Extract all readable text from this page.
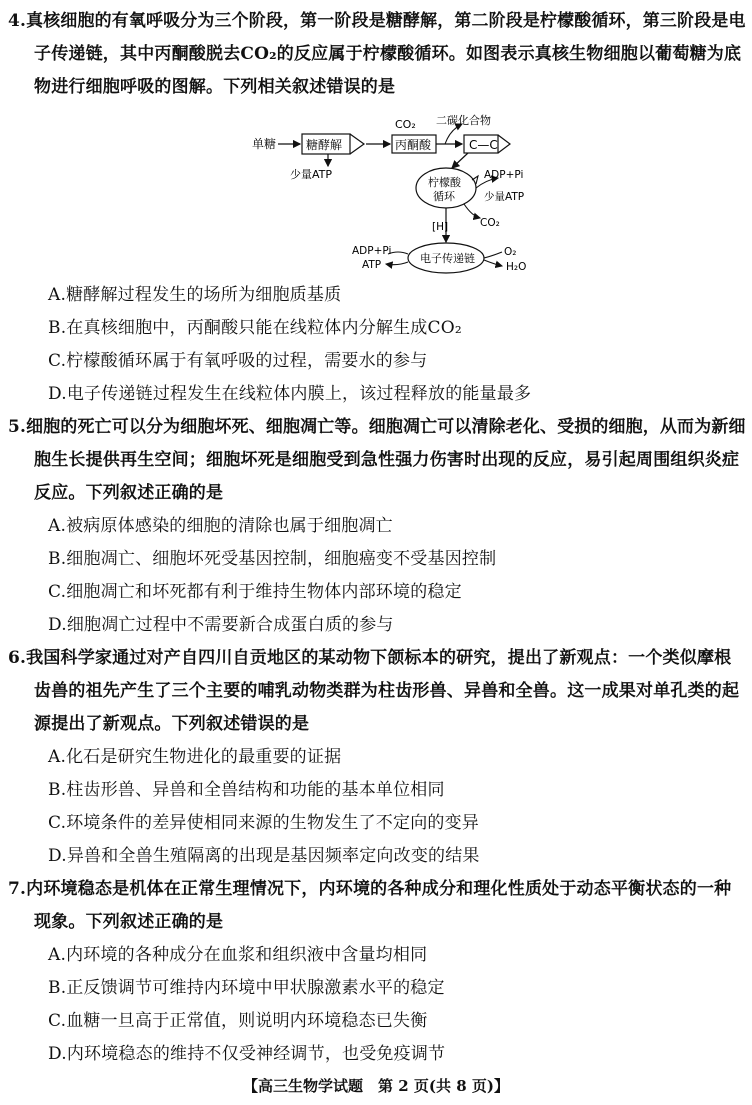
4.真核细胞的有氧呼吸分为三个阶段，第一阶段是糖酵解，第二阶段是柠檬酸循环，第三阶段是电
子传递链，其中丙酮酸脱去CO₂的反应属于柠檬酸循环。如图表示真核生物细胞以葡萄糖为底
物进行细胞呼吸的图解。下列相关叙述错误的是
单糖 糖酵解
少量ATP
丙酮酸
CO₂
C—C
二碳化合物
柠檬酸
循环
ADP+Pi
少量ATP
CO₂
[H]
电子传递链
ADP+Pi
ATP
O₂
H₂O
A.糖酵解过程发生的场所为细胞质基质
B.在真核细胞中，丙酮酸只能在线粒体内分解生成CO₂
C.柠檬酸循环属于有氧呼吸的过程，需要水的参与
D.电子传递链过程发生在线粒体内膜上，该过程释放的能量最多
5.细胞的死亡可以分为细胞坏死、细胞凋亡等。细胞凋亡可以清除老化、受损的细胞，从而为新细
胞生长提供再生空间；细胞坏死是细胞受到急性强力伤害时出现的反应，易引起周围组织炎症
反应。下列叙述正确的是
A.被病原体感染的细胞的清除也属于细胞凋亡
B.细胞凋亡、细胞坏死受基因控制，细胞癌变不受基因控制
C.细胞凋亡和坏死都有利于维持生物体内部环境的稳定
D.细胞凋亡过程中不需要新合成蛋白质的参与
6.我国科学家通过对产自四川自贡地区的某动物下颌标本的研究，提出了新观点：一个类似摩根
齿兽的祖先产生了三个主要的哺乳动物类群为柱齿形兽、异兽和全兽。这一成果对单孔类的起
源提出了新观点。下列叙述错误的是
A.化石是研究生物进化的最重要的证据
B.柱齿形兽、异兽和全兽结构和功能的基本单位相同
C.环境条件的差异使相同来源的生物发生了不定向的变异
D.异兽和全兽生殖隔离的出现是基因频率定向改变的结果
7.内环境稳态是机体在正常生理情况下，内环境的各种成分和理化性质处于动态平衡状态的一种
现象。下列叙述正确的是
A.内环境的各种成分在血浆和组织液中含量均相同
B.正反馈调节可维持内环境中甲状腺激素水平的稳定
C.血糖一旦高于正常值，则说明内环境稳态已失衡
D.内环境稳态的维持不仅受神经调节，也受免疫调节
【高三生物学试题　第 2 页(共 8 页)】
